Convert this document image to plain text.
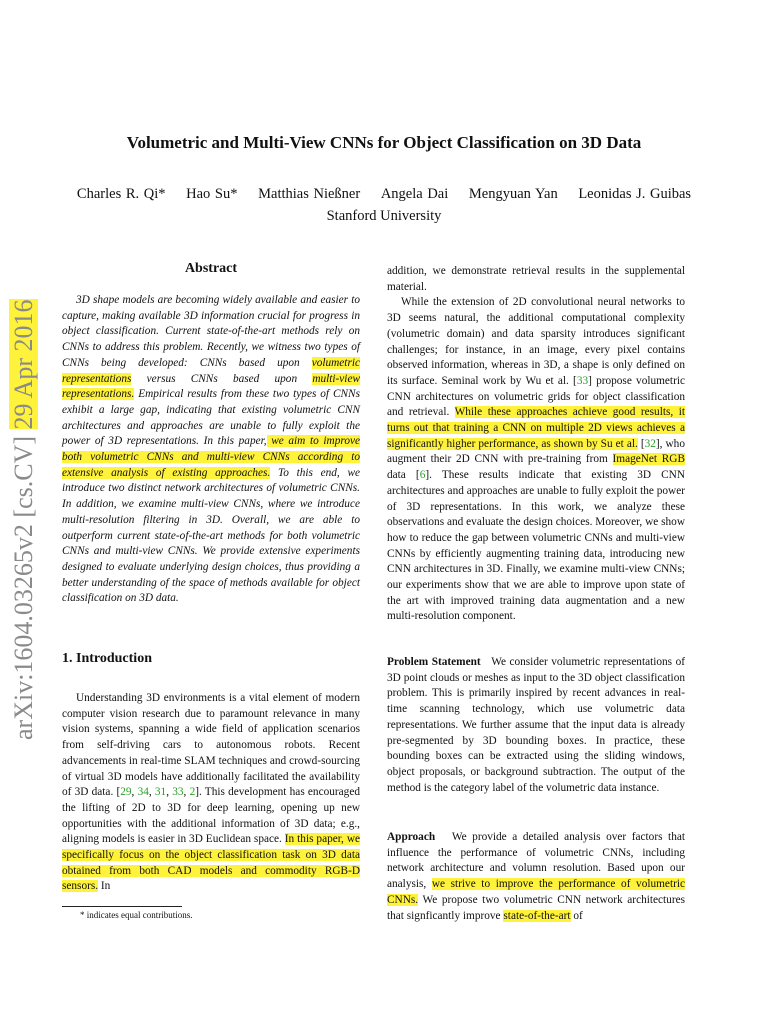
arXiv:1604.03265v2 [cs.CV] 29 Apr 2016
Volumetric and Multi-View CNNs for Object Classification on 3D Data
Charles R. Qi* Hao Su* Matthias Nießner Angela Dai Mengyuan Yan Leonidas J. Guibas
Stanford University
Abstract

3D shape models are becoming widely available and easier to capture, making available 3D information crucial for progress in object classification. Current state-of-the-art methods rely on CNNs to address this problem. Recently, we witness two types of CNNs being developed: CNNs based upon volumetric representations versus CNNs based upon multi-view representations. Empirical results from these two types of CNNs exhibit a large gap, indicating that existing volumetric CNN architectures and approaches are unable to fully exploit the power of 3D representations. In this paper, we aim to improve both volumetric CNNs and multi-view CNNs according to extensive analysis of existing approaches. To this end, we introduce two distinct network architectures of volumetric CNNs. In addition, we examine multi-view CNNs, where we introduce multi-resolution filtering in 3D. Overall, we are able to outperform current state-of-the-art methods for both volumetric CNNs and multi-view CNNs. We provide extensive experiments designed to evaluate underlying design choices, thus providing a better understanding of the space of methods available for object classification on 3D data.

1. Introduction

Understanding 3D environments is a vital element of modern computer vision research due to paramount relevance in many vision systems, spanning a wide field of application scenarios from self-driving cars to autonomous robots. Recent advancements in real-time SLAM techniques and crowd-sourcing of virtual 3D models have additionally facilitated the availability of 3D data. [29, 34, 31, 33, 2]. This development has encouraged the lifting of 2D to 3D for deep learning, opening up new opportunities with the additional information of 3D data; e.g., aligning models is easier in 3D Euclidean space. In this paper, we specifically focus on the object classification task on 3D data obtained from both CAD models and commodity RGB-D sensors. In

* indicates equal contributions.

addition, we demonstrate retrieval results in the supplemental material.

While the extension of 2D convolutional neural networks to 3D seems natural, the additional computational complexity (volumetric domain) and data sparsity introduces significant challenges; for instance, in an image, every pixel contains observed information, whereas in 3D, a shape is only defined on its surface. Seminal work by Wu et al. [33] propose volumetric CNN architectures on volumetric grids for object classification and retrieval. While these approaches achieve good results, it turns out that training a CNN on multiple 2D views achieves a significantly higher performance, as shown by Su et al. [32], who augment their 2D CNN with pre-training from ImageNet RGB data [6]. These results indicate that existing 3D CNN architectures and approaches are unable to fully exploit the power of 3D representations. In this work, we analyze these observations and evaluate the design choices. Moreover, we show how to reduce the gap between volumetric CNNs and multi-view CNNs by efficiently augmenting training data, introducing new CNN architectures in 3D. Finally, we examine multi-view CNNs; our experiments show that we are able to improve upon state of the art with improved training data augmentation and a new multi-resolution component.

Problem Statement We consider volumetric representations of 3D point clouds or meshes as input to the 3D object classification problem. This is primarily inspired by recent advances in real-time scanning technology, which use volumetric data representations. We further assume that the input data is already pre-segmented by 3D bounding boxes. In practice, these bounding boxes can be extracted using the sliding windows, object proposals, or background subtraction. The output of the method is the category label of the volumetric data instance.

Approach We provide a detailed analysis over factors that influence the performance of volumetric CNNs, including network architecture and volumn resolution. Based upon our analysis, we strive to improve the performance of volumetric CNNs. We propose two volumetric CNN network architectures that signficantly improve state-of-the-art of
